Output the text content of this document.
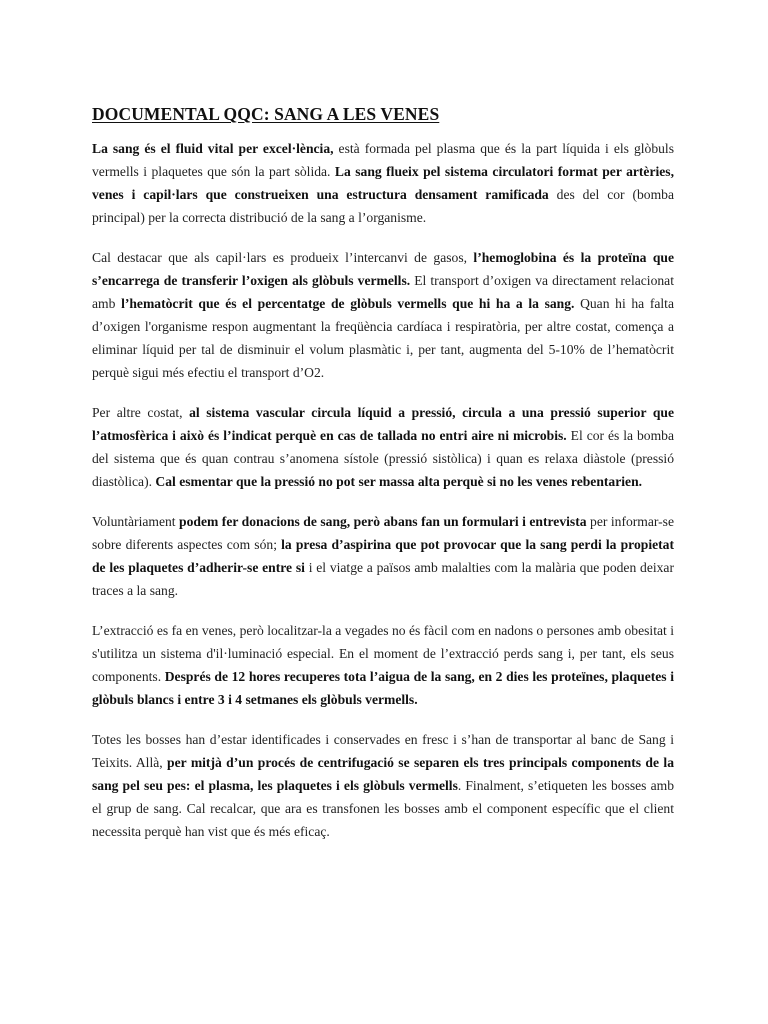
DOCUMENTAL QQC: SANG A LES VENES

La sang és el fluid vital per excel·lència, està formada pel plasma que és la part líquida i els glòbuls vermells i plaquetes que són la part sòlida. La sang flueix pel sistema circulatori format per artèries, venes i capil·lars que construeixen una estructura densament ramificada des del cor (bomba principal) per la correcta distribució de la sang a l’organisme.

Cal destacar que als capil·lars es produeix l’intercanvi de gasos, l’hemoglobina és la proteïna que s’encarrega de transferir l’oxigen als glòbuls vermells. El transport d’oxigen va directament relacionat amb l’hematòcrit que és el percentatge de glòbuls vermells que hi ha a la sang. Quan hi ha falta d’oxigen l'organisme respon augmentant la freqüència cardíaca i respiratòria, per altre costat, comença a eliminar líquid per tal de disminuir el volum plasmàtic i, per tant, augmenta del 5-10% de l’hematòcrit perquè sigui més efectiu el transport d’O2.

Per altre costat, al sistema vascular circula líquid a pressió, circula a una pressió superior que l’atmosfèrica i això és l’indicat perquè en cas de tallada no entri aire ni microbis. El cor és la bomba del sistema que és quan contrau s’anomena sístole (pressió sistòlica) i quan es relaxa diàstole (pressió diastòlica). Cal esmentar que la pressió no pot ser massa alta perquè si no les venes rebentarien.

Voluntàriament podem fer donacions de sang, però abans fan un formulari i entrevista per informar-se sobre diferents aspectes com són; la presa d’aspirina que pot provocar que la sang perdi la propietat de les plaquetes d’adherir-se entre si i el viatge a països amb malalties com la malària que poden deixar traces a la sang.

L’extracció es fa en venes, però localitzar-la a vegades no és fàcil com en nadons o persones amb obesitat i s'utilitza un sistema d'il·luminació especial. En el moment de l’extracció perds sang i, per tant, els seus components. Després de 12 hores recuperes tota l’aigua de la sang, en 2 dies les proteïnes, plaquetes i glòbuls blancs i entre 3 i 4 setmanes els glòbuls vermells.

Totes les bosses han d’estar identificades i conservades en fresc i s’han de transportar al banc de Sang i Teixits. Allà, per mitjà d’un procés de centrifugació se separen els tres principals components de la sang pel seu pes: el plasma, les plaquetes i els glòbuls vermells. Finalment, s’etiqueten les bosses amb el grup de sang. Cal recalcar, que ara es transfonen les bosses amb el component específic que el client necessita perquè han vist que és més eficaç.
